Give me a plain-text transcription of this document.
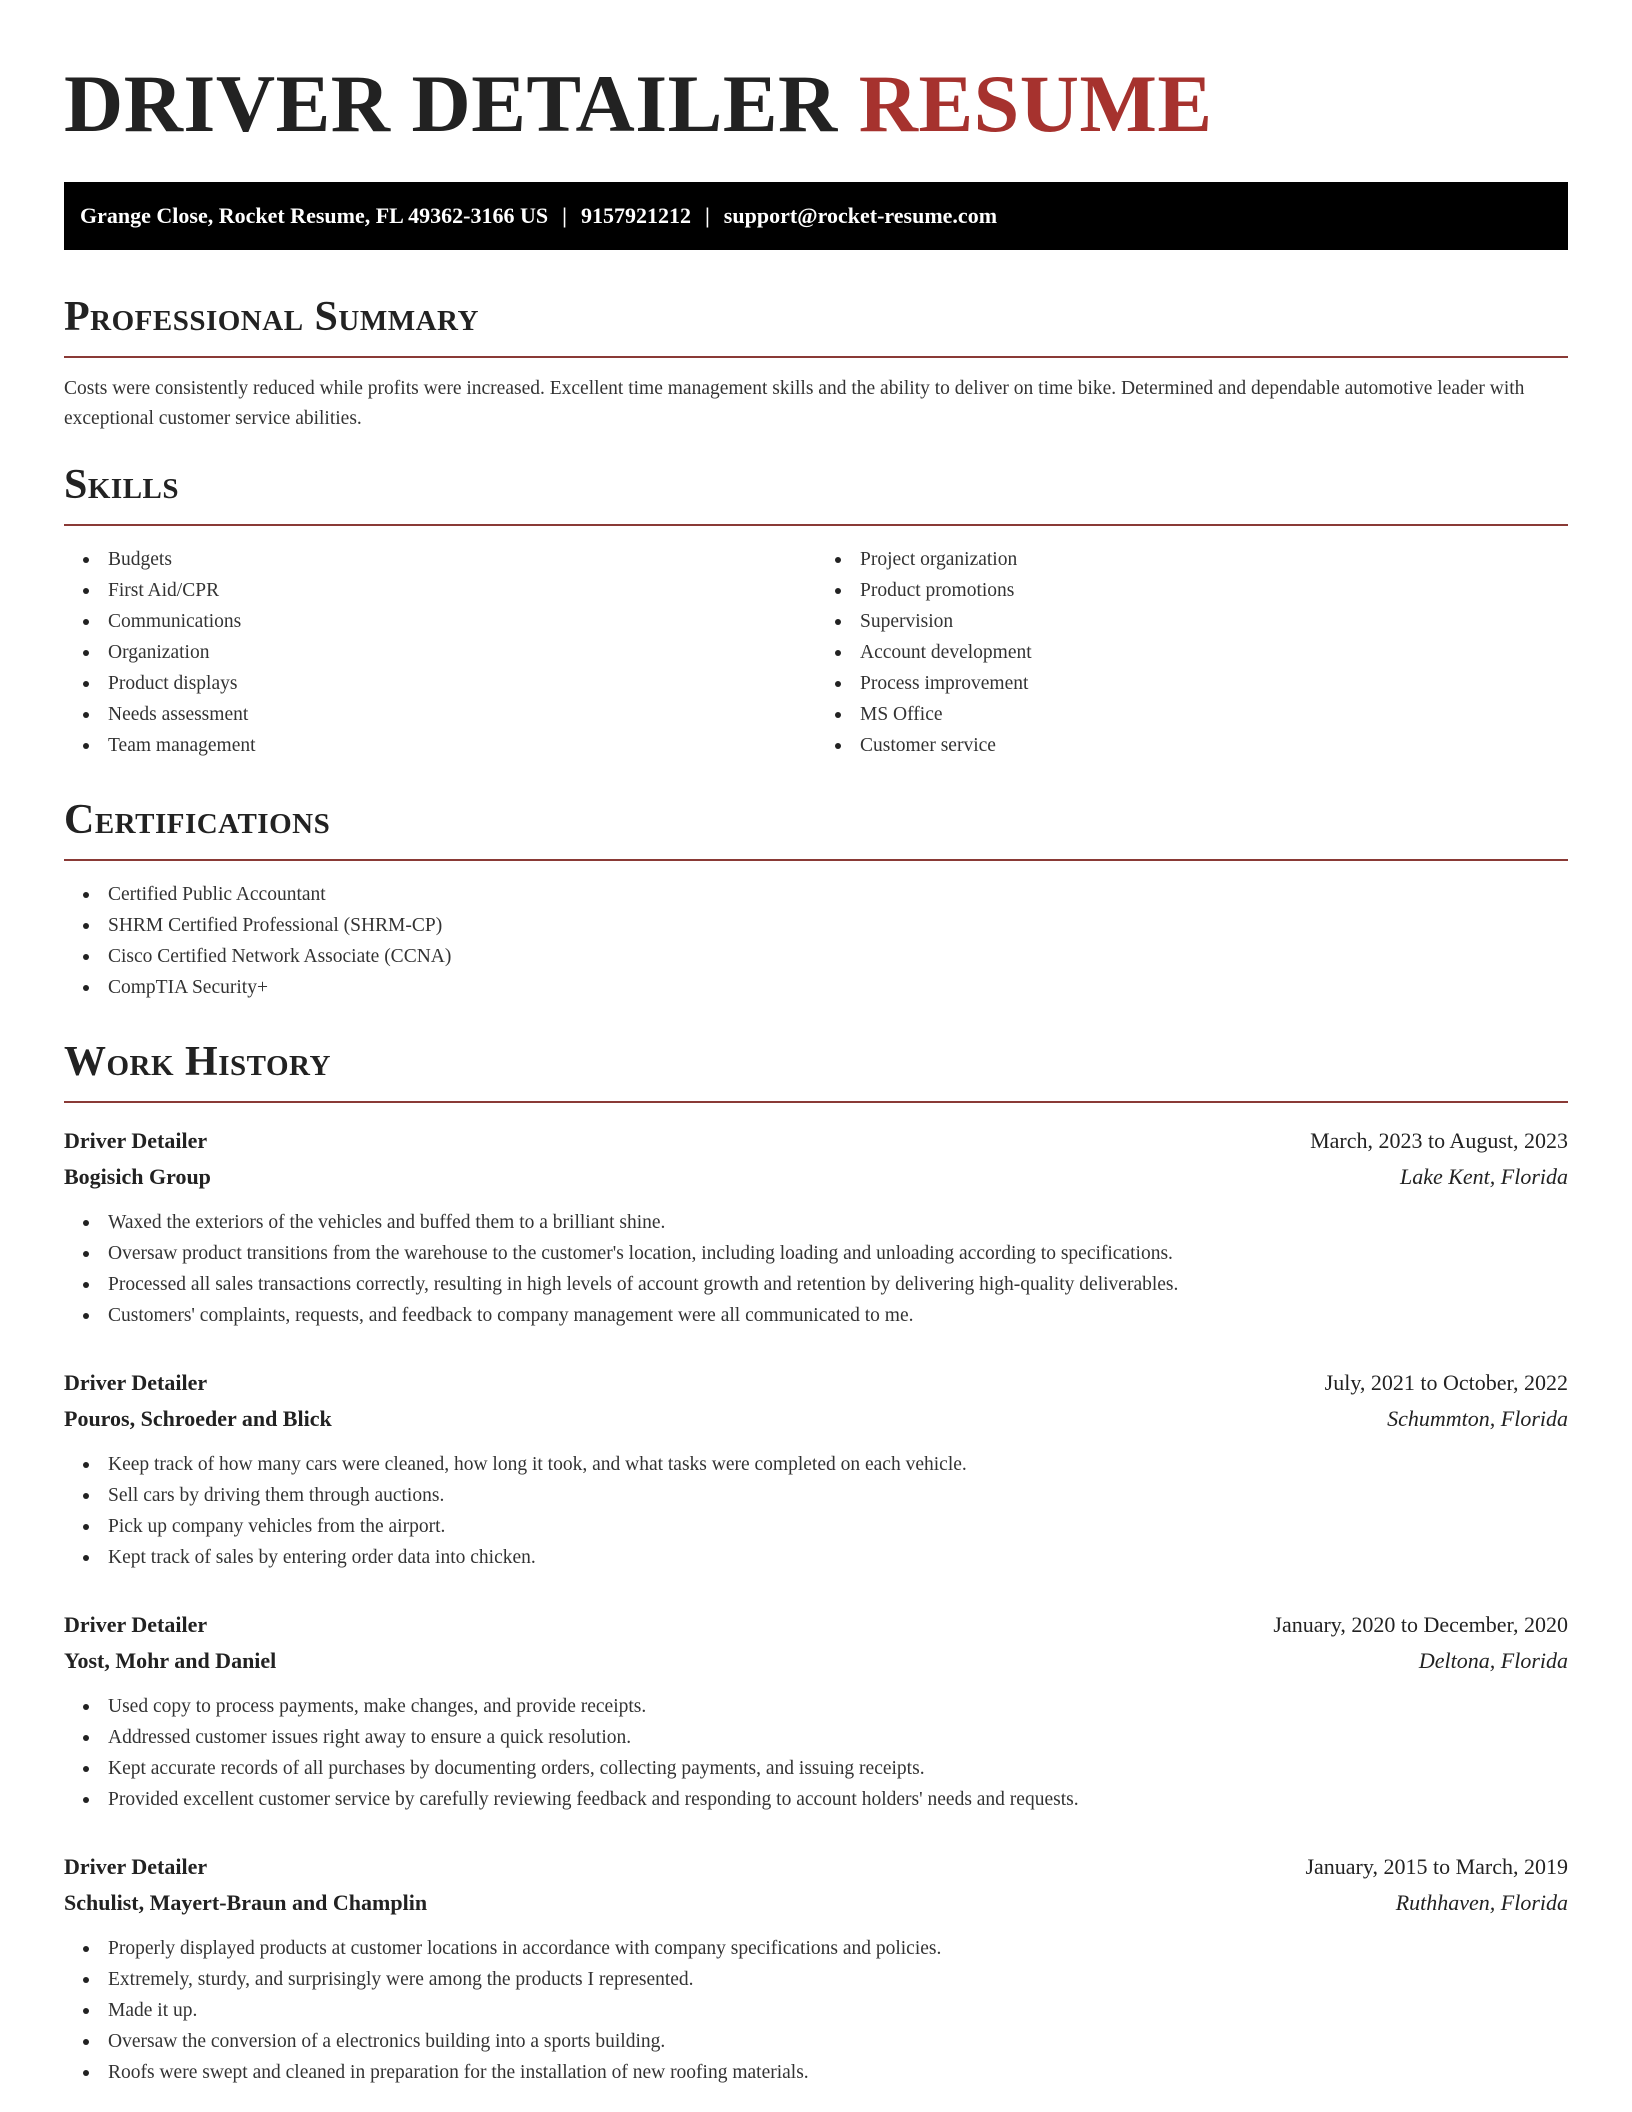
DRIVER DETAILER RESUME
Grange Close, Rocket Resume, FL 49362-3166 US | 9157921212 | support@rocket-resume.com
Professional Summary

Costs were consistently reduced while profits were increased. Excellent time management skills and the ability to deliver on time bike. Determined and dependable automotive leader with exceptional customer service abilities.

Skills
Budgets
First Aid/CPR
Communications
Organization
Product displays
Needs assessment
Team management
Project organization
Product promotions
Supervision
Account development
Process improvement
MS Office
Customer service
Certifications
Certified Public Accountant
SHRM Certified Professional (SHRM-CP)
Cisco Certified Network Associate (CCNA)
CompTIA Security+
Work History
Driver Detailer	March, 2023 to August, 2023
Bogisich Group	Lake Kent, Florida
Waxed the exteriors of the vehicles and buffed them to a brilliant shine.
Oversaw product transitions from the warehouse to the customer's location, including loading and unloading according to specifications.
Processed all sales transactions correctly, resulting in high levels of account growth and retention by delivering high-quality deliverables.
Customers' complaints, requests, and feedback to company management were all communicated to me.
Driver Detailer	July, 2021 to October, 2022
Pouros, Schroeder and Blick	Schummton, Florida
Keep track of how many cars were cleaned, how long it took, and what tasks were completed on each vehicle.
Sell cars by driving them through auctions.
Pick up company vehicles from the airport.
Kept track of sales by entering order data into chicken.
Driver Detailer	January, 2020 to December, 2020
Yost, Mohr and Daniel	Deltona, Florida
Used copy to process payments, make changes, and provide receipts.
Addressed customer issues right away to ensure a quick resolution.
Kept accurate records of all purchases by documenting orders, collecting payments, and issuing receipts.
Provided excellent customer service by carefully reviewing feedback and responding to account holders' needs and requests.
Driver Detailer	January, 2015 to March, 2019
Schulist, Mayert-Braun and Champlin	Ruthhaven, Florida
Properly displayed products at customer locations in accordance with company specifications and policies.
Extremely, sturdy, and surprisingly were among the products I represented.
Made it up.
Oversaw the conversion of a electronics building into a sports building.
Roofs were swept and cleaned in preparation for the installation of new roofing materials.
